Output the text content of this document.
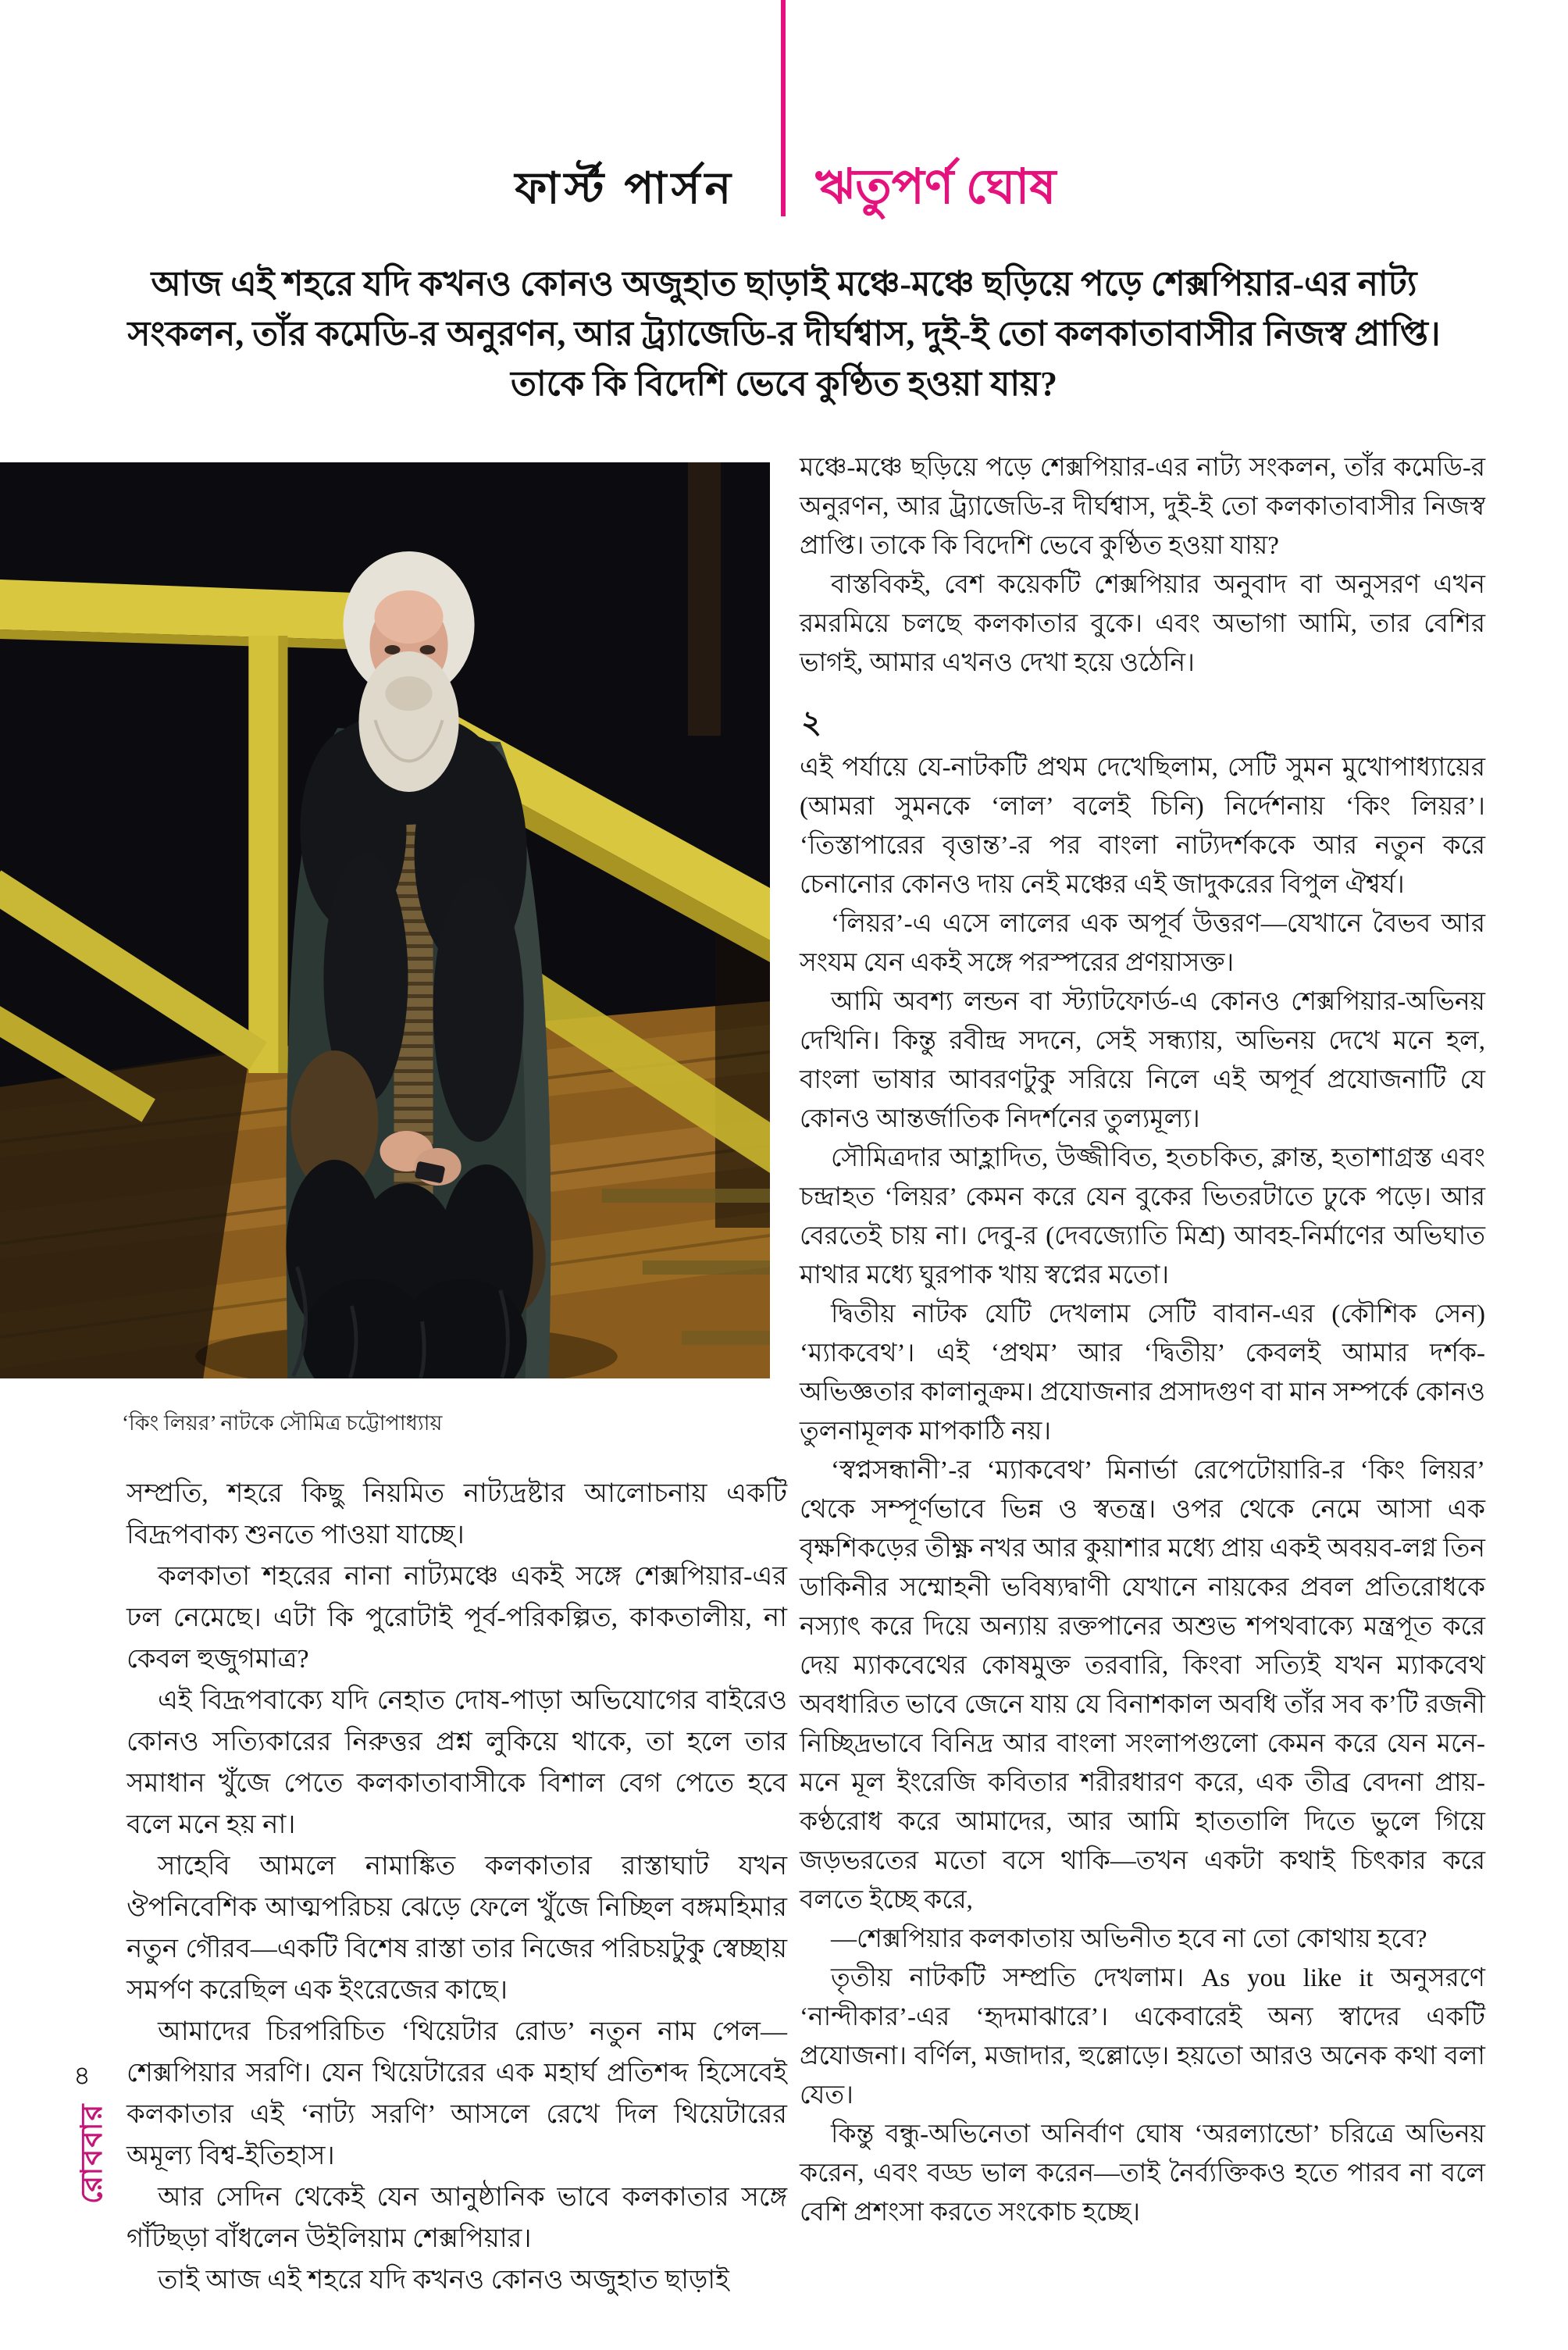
ফার্স্ট পার্সন ঋতুপর্ণ ঘোষ
আজ এই শহরে যদি কখনও কোনও অজুহাত ছাড়াই মঞ্চে-মঞ্চে ছড়িয়ে পড়ে শেক্সপিয়ার-এর নাট্য সংকলন, তাঁর কমেডি-র অনুরণন, আর ট্র্যাজেডি-র দীর্ঘশ্বাস, দুই-ই তো কলকাতাবাসীর নিজস্ব প্রাপ্তি। তাকে কি বিদেশি ভেবে কুণ্ঠিত হওয়া যায়?
‘কিং লিয়র’ নাটকে সৌমিত্র চট্টোপাধ্যায়

সম্প্রতি, শহরে কিছু নিয়মিত নাট্যদ্রষ্টার আলোচনায় একটি বিদ্রূপবাক্য শুনতে পাওয়া যাচ্ছে।

কলকাতা শহরের নানা নাট্যমঞ্চে একই সঙ্গে শেক্সপিয়ার-এর ঢল নেমেছে। এটা কি পুরোটাই পূর্ব-পরিকল্পিত, কাকতালীয়, না কেবল হুজুগমাত্র?

এই বিদ্রূপবাক্যে যদি নেহাত দোষ-পাড়া অভিযোগের বাইরেও কোনও সত্যিকারের নিরুত্তর প্রশ্ন লুকিয়ে থাকে, তা হলে তার সমাধান খুঁজে পেতে কলকাতাবাসীকে বিশাল বেগ পেতে হবে বলে মনে হয় না।

সাহেবি আমলে নামাঙ্কিত কলকাতার রাস্তাঘাট যখন ঔপনিবেশিক আত্মপরিচয় ঝেড়ে ফেলে খুঁজে নিচ্ছিল বঙ্গমহিমার নতুন গৌরব—একটি বিশেষ রাস্তা তার নিজের পরিচয়টুকু স্বেচ্ছায় সমর্পণ করেছিল এক ইংরেজের কাছে।

আমাদের চিরপরিচিত ‘থিয়েটার রোড’ নতুন নাম পেল—শেক্সপিয়ার সরণি। যেন থিয়েটারের এক মহার্ঘ প্রতিশব্দ হিসেবেই কলকাতার এই ‘নাট্য সরণি’ আসলে রেখে দিল থিয়েটারের অমূল্য বিশ্ব-ইতিহাস।

আর সেদিন থেকেই যেন আনুষ্ঠানিক ভাবে কলকাতার সঙ্গে গাঁটছড়া বাঁধলেন উইলিয়াম শেক্সপিয়ার।

তাই আজ এই শহরে যদি কখনও কোনও অজুহাত ছাড়াই

মঞ্চে-মঞ্চে ছড়িয়ে পড়ে শেক্সপিয়ার-এর নাট্য সংকলন, তাঁর কমেডি-র অনুরণন, আর ট্র্যাজেডি-র দীর্ঘশ্বাস, দুই-ই তো কলকাতাবাসীর নিজস্ব প্রাপ্তি। তাকে কি বিদেশি ভেবে কুণ্ঠিত হওয়া যায়?

বাস্তবিকই, বেশ কয়েকটি শেক্সপিয়ার অনুবাদ বা অনুসরণ এখন রমরমিয়ে চলছে কলকাতার বুকে। এবং অভাগা আমি, তার বেশির ভাগই, আমার এখনও দেখা হয়ে ওঠেনি।

২

এই পর্যায়ে যে-নাটকটি প্রথম দেখেছিলাম, সেটি সুমন মুখোপাধ্যায়ের (আমরা সুমনকে ‘লাল’ বলেই চিনি) নির্দেশনায় ‘কিং লিয়র’। ‘তিস্তাপারের বৃত্তান্ত’-র পর বাংলা নাট্যদর্শককে আর নতুন করে চেনানোর কোনও দায় নেই মঞ্চের এই জাদুকরের বিপুল ঐশ্বর্য।

‘লিয়র’-এ এসে লালের এক অপূর্ব উত্তরণ—যেখানে বৈভব আর সংযম যেন একই সঙ্গে পরস্পরের প্রণয়াসক্ত।

আমি অবশ্য লন্ডন বা স্ট্যাটফোর্ড-এ কোনও শেক্সপিয়ার-অভিনয় দেখিনি। কিন্তু রবীন্দ্র সদনে, সেই সন্ধ্যায়, অভিনয় দেখে মনে হল, বাংলা ভাষার আবরণটুকু সরিয়ে নিলে এই অপূর্ব প্রযোজনাটি যে কোনও আন্তর্জাতিক নিদর্শনের তুল্যমূল্য।

সৌমিত্রদার আহ্লাদিত, উজ্জীবিত, হতচকিত, ক্লান্ত, হতাশাগ্রস্ত এবং চন্দ্রাহত ‘লিয়র’ কেমন করে যেন বুকের ভিতরটাতে ঢুকে পড়ে। আর বেরতেই চায় না। দেবু-র (দেবজ্যোতি মিশ্র) আবহ-নির্মাণের অভিঘাত মাথার মধ্যে ঘুরপাক খায় স্বপ্নের মতো।

দ্বিতীয় নাটক যেটি দেখলাম সেটি বাবান-এর (কৌশিক সেন) ‘ম্যাকবেথ’। এই ‘প্রথম’ আর ‘দ্বিতীয়’ কেবলই আমার দর্শক-অভিজ্ঞতার কালানুক্রম। প্রযোজনার প্রসাদগুণ বা মান সম্পর্কে কোনও তুলনামূলক মাপকাঠি নয়।

‘স্বপ্নসন্ধানী’-র ‘ম্যাকবেথ’ মিনার্ভা রেপেটোয়ারি-র ‘কিং লিয়র’ থেকে সম্পূর্ণভাবে ভিন্ন ও স্বতন্ত্র। ওপর থেকে নেমে আসা এক বৃক্ষশিকড়ের তীক্ষ্ণ নখর আর কুয়াশার মধ্যে প্রায় একই অবয়ব-লগ্ন তিন ডাকিনীর সম্মোহনী ভবিষ্যদ্বাণী যেখানে নায়কের প্রবল প্রতিরোধকে নস্যাৎ করে দিয়ে অন্যায় রক্তপানের অশুভ শপথবাক্যে মন্ত্রপূত করে দেয় ম্যাকবেথের কোষমুক্ত তরবারি, কিংবা সত্যিই যখন ম্যাকবেথ অবধারিত ভাবে জেনে যায় যে বিনাশকাল অবধি তাঁর সব ক’টি রজনী নিচ্ছিদ্রভাবে বিনিদ্র আর বাংলা সংলাপগুলো কেমন করে যেন মনে-মনে মূল ইংরেজি কবিতার শরীরধারণ করে, এক তীব্র বেদনা প্রায়-কণ্ঠরোধ করে আমাদের, আর আমি হাততালি দিতে ভুলে গিয়ে জড়ভরতের মতো বসে থাকি—তখন একটা কথাই চিৎকার করে বলতে ইচ্ছে করে,

—শেক্সপিয়ার কলকাতায় অভিনীত হবে না তো কোথায় হবে?

তৃতীয় নাটকটি সম্প্রতি দেখলাম। As you like it অনুসরণে ‘নান্দীকার’-এর ‘হৃদমাঝারে’। একেবারেই অন্য স্বাদের একটি প্রযোজনা। বর্ণিল, মজাদার, হুল্লোড়ে। হয়তো আরও অনেক কথা বলা যেত।

কিন্তু বন্ধু-অভিনেতা অনির্বাণ ঘোষ ‘অরল্যান্ডো’ চরিত্রে অভিনয় করেন, এবং বড্ড ভাল করেন—তাই নৈর্ব্যক্তিকও হতে পারব না বলে বেশি প্রশংসা করতে সংকোচ হচ্ছে।

৪
রোববার
